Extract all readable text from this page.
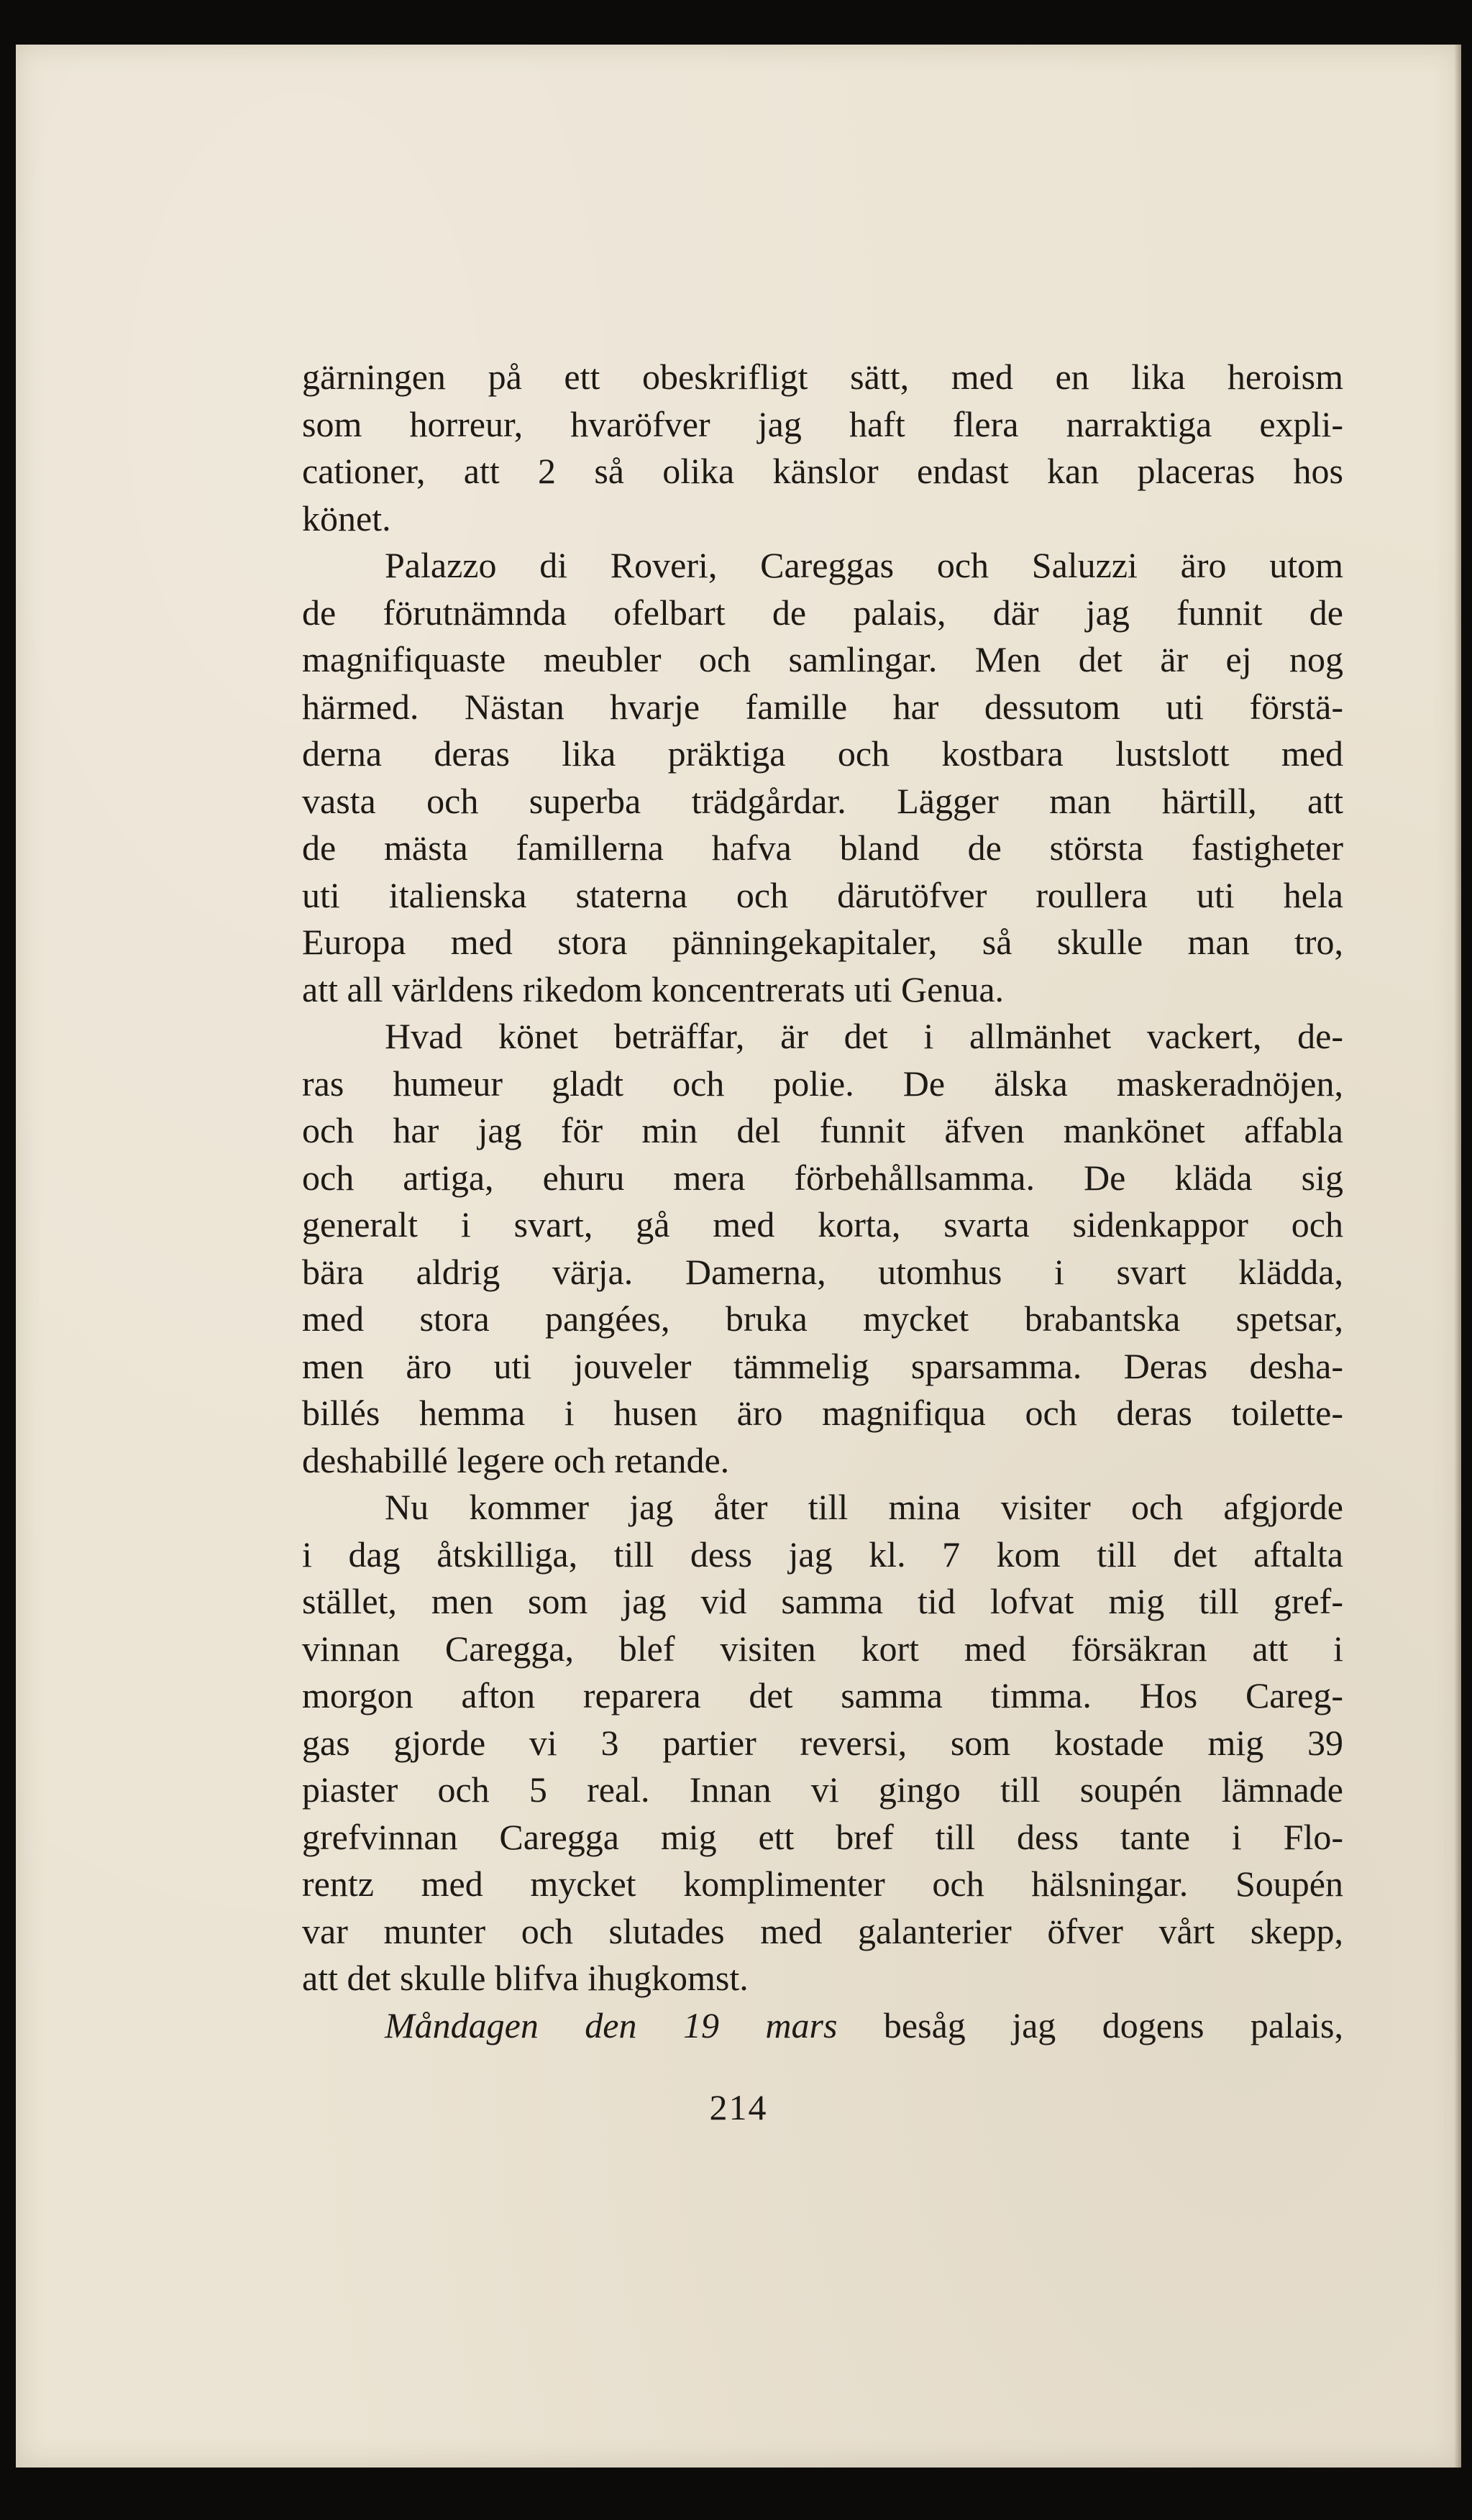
gärningen på ett obeskrifligt sätt, med en lika heroism
som horreur, hvaröfver jag haft flera narraktiga expli-
cationer, att 2 så olika känslor endast kan placeras hos
könet.
Palazzo di Roveri, Careggas och Saluzzi äro utom
de förutnämnda ofelbart de palais, där jag funnit de
magnifiquaste meubler och samlingar. Men det är ej nog
härmed. Nästan hvarje famille har dessutom uti förstä-
derna deras lika präktiga och kostbara lustslott med
vasta och superba trädgårdar. Lägger man härtill, att
de mästa famillerna hafva bland de största fastigheter
uti italienska staterna och därutöfver roullera uti hela
Europa med stora pänningekapitaler, så skulle man tro,
att all världens rikedom koncentrerats uti Genua.
Hvad könet beträffar, är det i allmänhet vackert, de-
ras humeur gladt och polie. De älska maskeradnöjen,
och har jag för min del funnit äfven mankönet affabla
och artiga, ehuru mera förbehållsamma. De kläda sig
generalt i svart, gå med korta, svarta sidenkappor och
bära aldrig värja. Damerna, utomhus i svart klädda,
med stora pangées, bruka mycket brabantska spetsar,
men äro uti jouveler tämmelig sparsamma. Deras desha-
billés hemma i husen äro magnifiqua och deras toilette-
deshabillé legere och retande.
Nu kommer jag åter till mina visiter och afgjorde
i dag åtskilliga, till dess jag kl. 7 kom till det aftalta
stället, men som jag vid samma tid lofvat mig till gref-
vinnan Caregga, blef visiten kort med försäkran att i
morgon afton reparera det samma timma. Hos Careg-
gas gjorde vi 3 partier reversi, som kostade mig 39
piaster och 5 real. Innan vi gingo till soupén lämnade
grefvinnan Caregga mig ett bref till dess tante i Flo-
rentz med mycket komplimenter och hälsningar. Soupén
var munter och slutades med galanterier öfver vårt skepp,
att det skulle blifva ihugkomst.
Måndagen den 19 mars besåg jag dogens palais,
214
